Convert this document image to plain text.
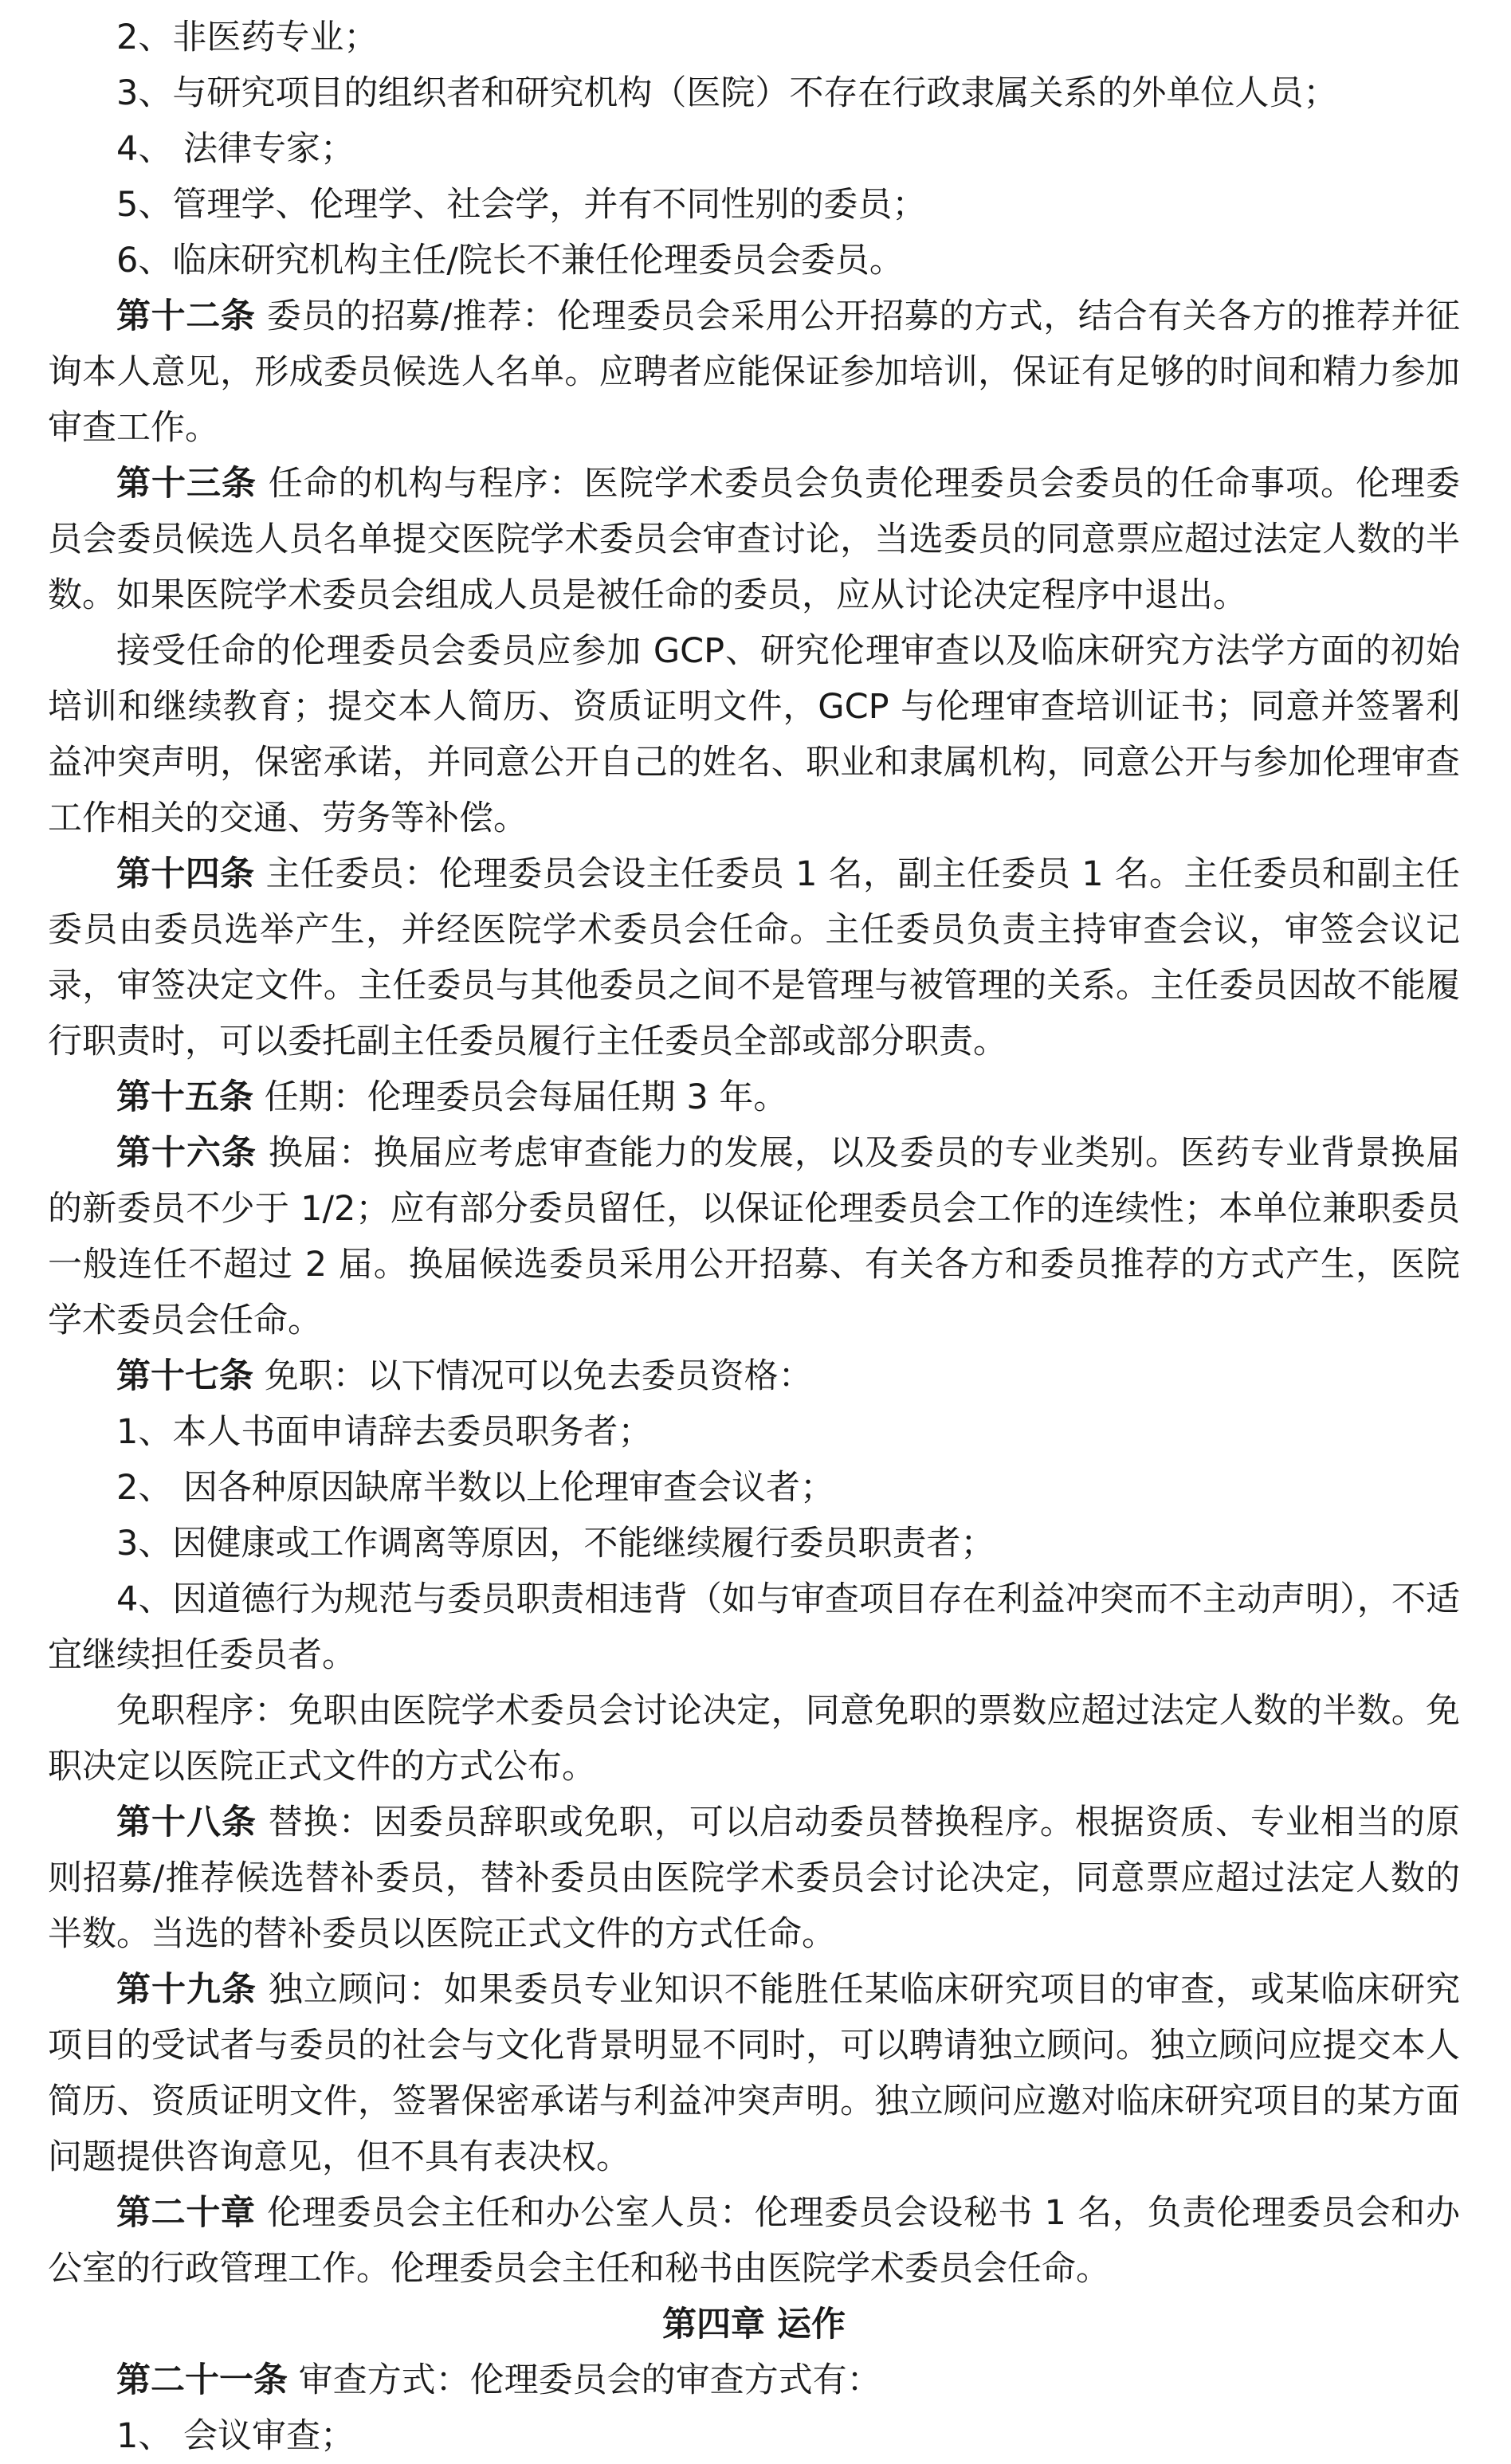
2、非医药专业；

3、与研究项目的组织者和研究机构（医院）不存在行政隶属关系的外单位人员；

4、 法律专家；

5、管理学、伦理学、社会学，并有不同性别的委员；

6、临床研究机构主任/院长不兼任伦理委员会委员。

第十二条 委员的招募/推荐：伦理委员会采用公开招募的方式，结合有关各方的推荐并征询本人意见，形成委员候选人名单。应聘者应能保证参加培训，保证有足够的时间和精力参加审查工作。

第十三条 任命的机构与程序：医院学术委员会负责伦理委员会委员的任命事项。伦理委员会委员候选人员名单提交医院学术委员会审查讨论，当选委员的同意票应超过法定人数的半数。如果医院学术委员会组成人员是被任命的委员，应从讨论决定程序中退出。

接受任命的伦理委员会委员应参加 GCP、研究伦理审查以及临床研究方法学方面的初始培训和继续教育；提交本人简历、资质证明文件，GCP 与伦理审查培训证书；同意并签署利益冲突声明，保密承诺，并同意公开自己的姓名、职业和隶属机构，同意公开与参加伦理审查工作相关的交通、劳务等补偿。

第十四条 主任委员：伦理委员会设主任委员 1 名，副主任委员 1 名。主任委员和副主任委员由委员选举产生，并经医院学术委员会任命。主任委员负责主持审查会议，审签会议记录，审签决定文件。主任委员与其他委员之间不是管理与被管理的关系。主任委员因故不能履行职责时，可以委托副主任委员履行主任委员全部或部分职责。

第十五条 任期：伦理委员会每届任期 3 年。

第十六条 换届：换届应考虑审查能力的发展，以及委员的专业类别。医药专业背景换届的新委员不少于 1/2；应有部分委员留任，以保证伦理委员会工作的连续性；本单位兼职委员一般连任不超过 2 届。换届候选委员采用公开招募、有关各方和委员推荐的方式产生，医院学术委员会任命。

第十七条 免职：以下情况可以免去委员资格：

1、本人书面申请辞去委员职务者；

2、 因各种原因缺席半数以上伦理审查会议者；

3、因健康或工作调离等原因，不能继续履行委员职责者；

4、因道德行为规范与委员职责相违背（如与审查项目存在利益冲突而不主动声明），不适宜继续担任委员者。

免职程序：免职由医院学术委员会讨论决定，同意免职的票数应超过法定人数的半数。免职决定以医院正式文件的方式公布。

第十八条 替换：因委员辞职或免职，可以启动委员替换程序。根据资质、专业相当的原则招募/推荐候选替补委员，替补委员由医院学术委员会讨论决定，同意票应超过法定人数的半数。当选的替补委员以医院正式文件的方式任命。

第十九条 独立顾问：如果委员专业知识不能胜任某临床研究项目的审查，或某临床研究项目的受试者与委员的社会与文化背景明显不同时，可以聘请独立顾问。独立顾问应提交本人简历、资质证明文件，签署保密承诺与利益冲突声明。独立顾问应邀对临床研究项目的某方面问题提供咨询意见，但不具有表决权。

第二十章 伦理委员会主任和办公室人员：伦理委员会设秘书 1 名，负责伦理委员会和办公室的行政管理工作。伦理委员会主任和秘书由医院学术委员会任命。

第四章 运作

第二十一条 审查方式：伦理委员会的审查方式有：

1、 会议审查；
